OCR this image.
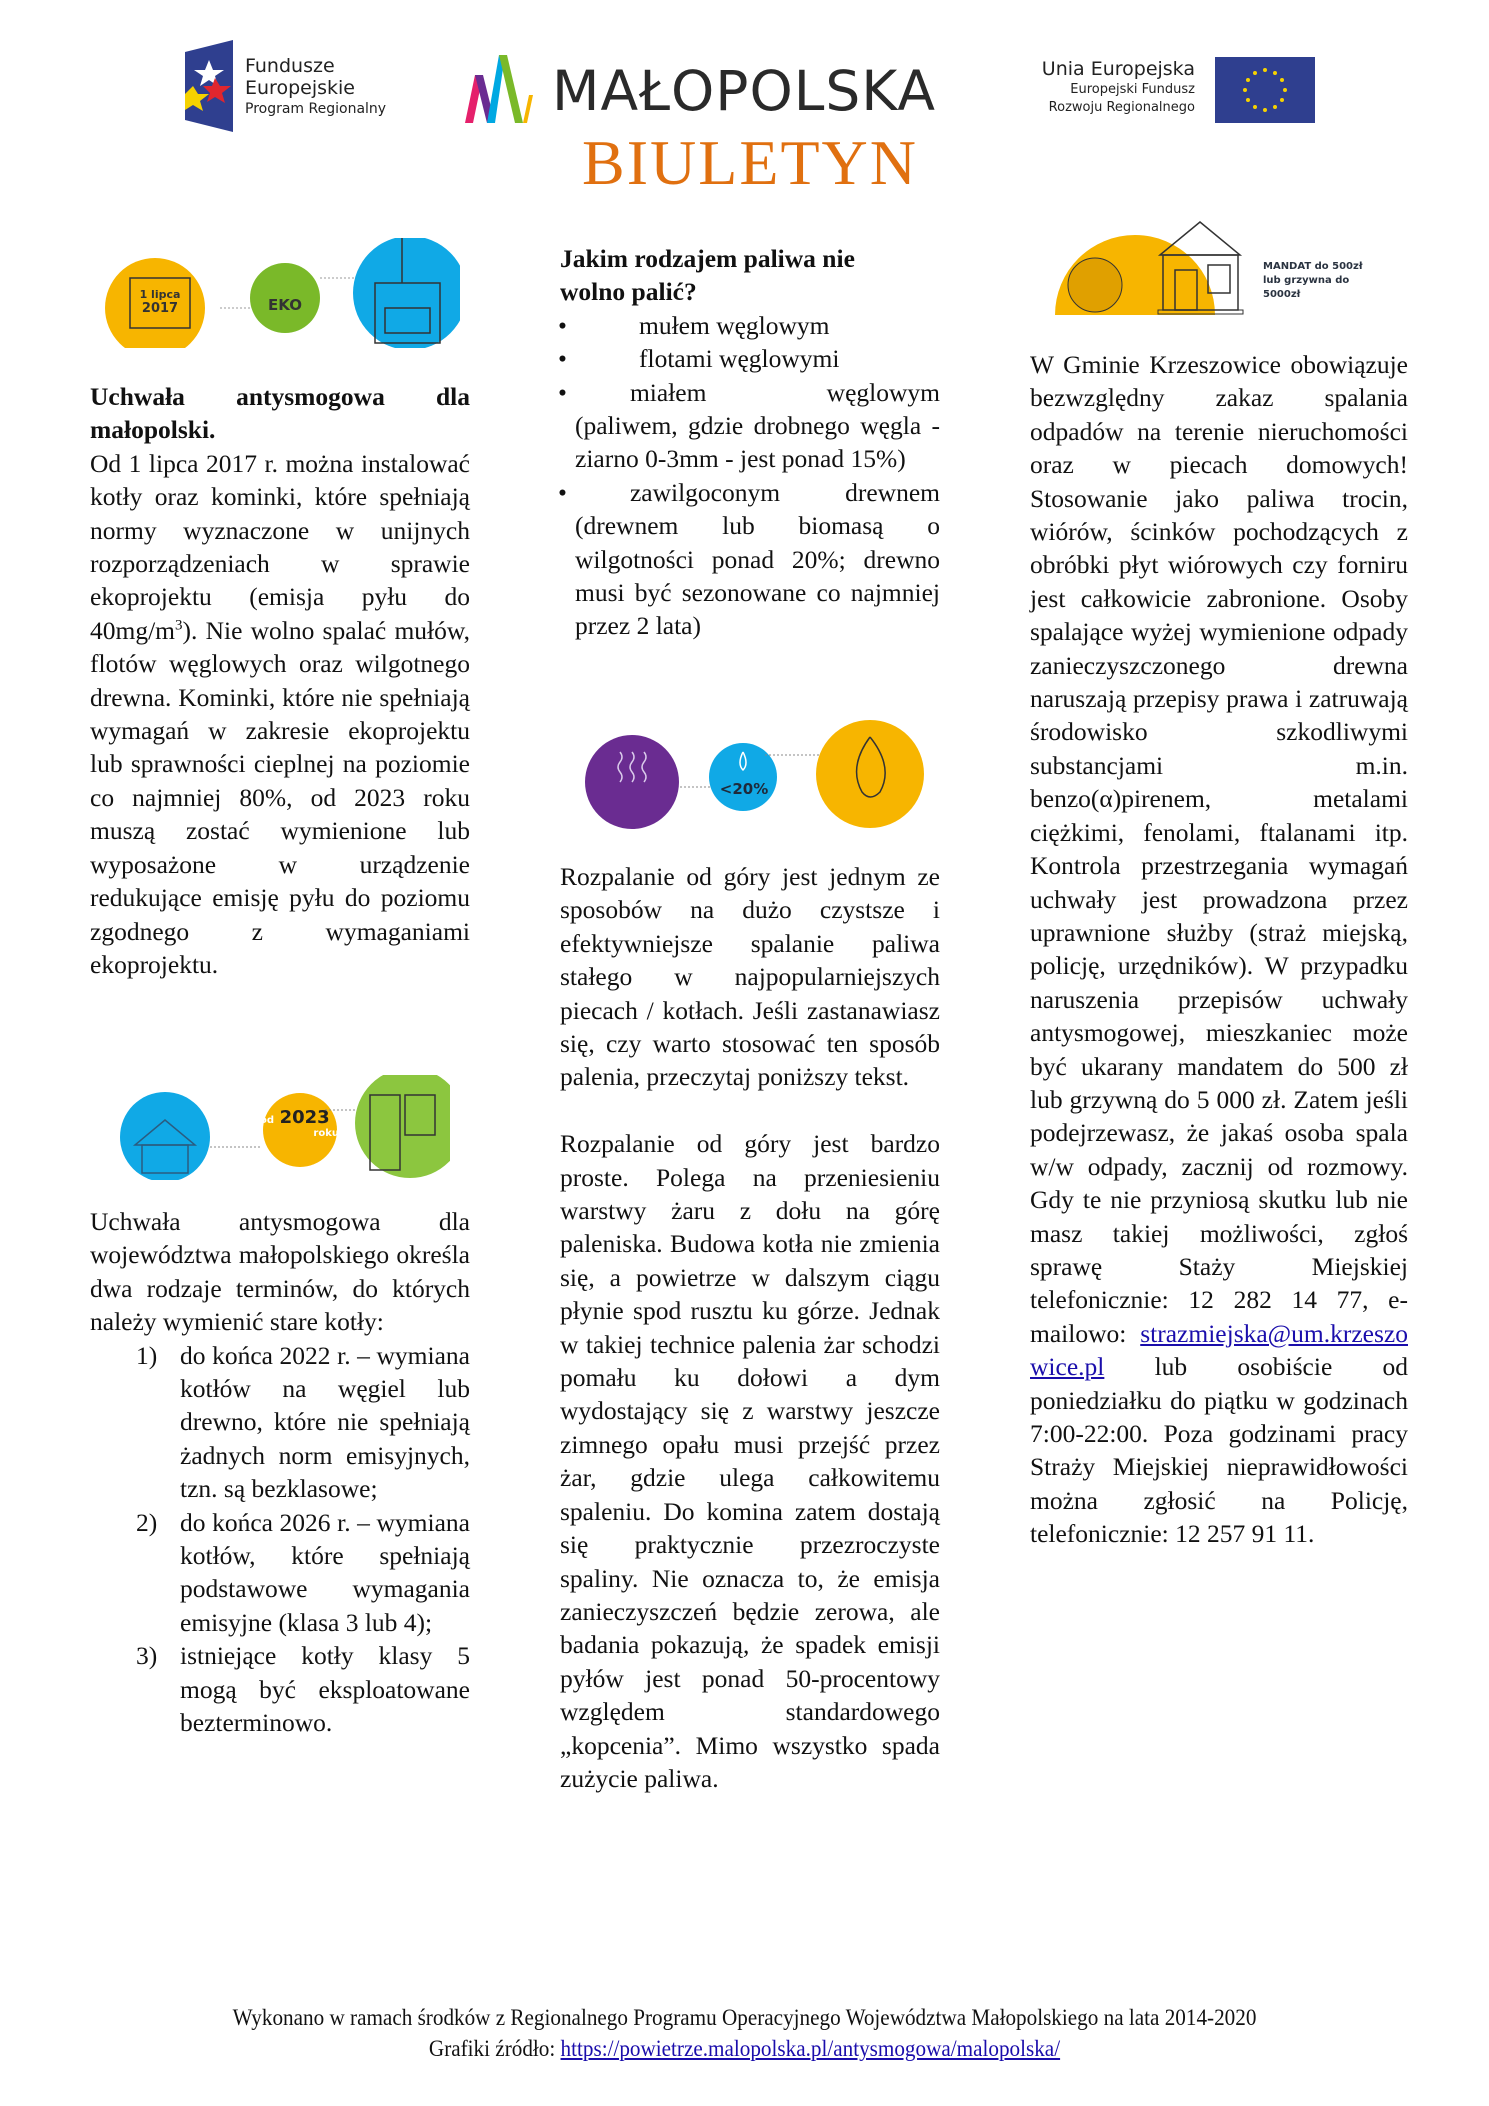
Fundusze
Europejskie
Program Regionalny	MAŁOPOLSKA
BIULETYN
Unia Europejska
Europejski Fundusz
Rozwoju Regionalnego
1 lipca
2017	EKO

Uchwała antysmogowa dla małopolski.

Od 1 lipca 2017 r. można instalować kotły oraz kominki, które spełniają normy wyznaczone w unijnych rozporządzeniach w sprawie ekoprojektu (emisja pyłu do $40mg/m^3$). Nie wolno spalać mułów, flotów węglowych oraz wilgotnego drewna. Kominki, które nie spełniają wymagań w zakresie ekoprojektu lub sprawności cieplnej na poziomie co najmniej 80%, od 2023 roku muszą zostać wymienione lub wyposażone w urządzenie redukujące emisję pyłu do poziomu zgodnego z wymaganiami ekoprojektu.

od 2023
roku

Uchwała antysmogowa dla województwa małopolskiego określa dwa rodzaje terminów, do których należy wymienić stare kotły:

1) do końca 2022 r. – wymiana kotłów na węgiel lub drewno, które nie spełniają żadnych norm emisyjnych, tzn. są bezklasowe;
2) do końca 2026 r. – wymiana kotłów, które spełniają podstawowe wymagania emisyjne (klasa 3 lub 4);
3) istniejące kotły klasy 5 mogą być eksploatowane bezterminowo.

Jakim rodzajem paliwa nie wolno palić?

•	mułem węglowym
•	flotami węglowymi
•	miałem węglowym
(paliwem, gdzie drobnego węgla - ziarno 0-3mm - jest ponad 15%)
•	zawilgoconym drewnem
(drewnem lub biomasą o wilgotności ponad 20%; drewno musi być sezonowane co najmniej przez 2 lata)
<20%

Rozpalanie od góry jest jednym ze sposobów na dużo czystsze i efektywniejsze spalanie paliwa stałego w najpopularniejszych piecach / kotłach. Jeśli zastanawiasz się, czy warto stosować ten sposób palenia, przeczytaj poniższy tekst.

Rozpalanie od góry jest bardzo proste. Polega na przeniesieniu warstwy żaru z dołu na górę paleniska. Budowa kotła nie zmienia się, a powietrze w dalszym ciągu płynie spod rusztu ku górze. Jednak w takiej technice palenia żar schodzi pomału ku dołowi a dym wydostający się z warstwy jeszcze zimnego opału musi przejść przez żar, gdzie ulega całkowitemu spaleniu. Do komina zatem dostają się praktycznie przezroczyste spaliny. Nie oznacza to, że emisja zanieczyszczeń będzie zerowa, ale badania pokazują, że spadek emisji pyłów jest ponad 50-procentowy względem standardowego „kopcenia”. Mimo wszystko spada zużycie paliwa.

MANDAT do 500zł
lub grzywna do 5000zł

W Gminie Krzeszowice obowiązuje bezwzględny zakaz spalania odpadów na terenie nieruchomości oraz w piecach domowych! Stosowanie jako paliwa trocin, wiórów, ścinków pochodzących z obróbki płyt wiórowych czy forniru jest całkowicie zabronione. Osoby spalające wyżej wymienione odpady zanieczyszczonego drewna naruszają przepisy prawa i zatruwają środowisko szkodliwymi substancjami m.in. benzo(α)pirenem, metalami ciężkimi, fenolami, ftalanami itp. Kontrola przestrzegania wymagań uchwały jest prowadzona przez uprawnione służby (straż miejską, policję, urzędników). W przypadku naruszenia przepisów uchwały antysmogowej, mieszkaniec może być ukarany mandatem do 500 zł lub grzywną do 5 000 zł. Zatem jeśli podejrzewasz, że jakaś osoba spala w/w odpady, zacznij od rozmowy. Gdy te nie przyniosą skutku lub nie masz takiej możliwości, zgłoś sprawę Staży Miejskiej telefonicznie: 12 282 14 77, e-mailowo: strazmiejska@um.krzeszowice.pl lub osobiście od poniedziałku do piątku w godzinach 7:00-22:00. Poza godzinami pracy Straży Miejskiej nieprawidłowości można zgłosić na Policję, telefonicznie: 12 257 91 11.

Wykonano w ramach środków z Regionalnego Programu Operacyjnego Województwa Małopolskiego na lata 2014-2020
Grafiki źródło: https://powietrze.malopolska.pl/antysmogowa/malopolska/
